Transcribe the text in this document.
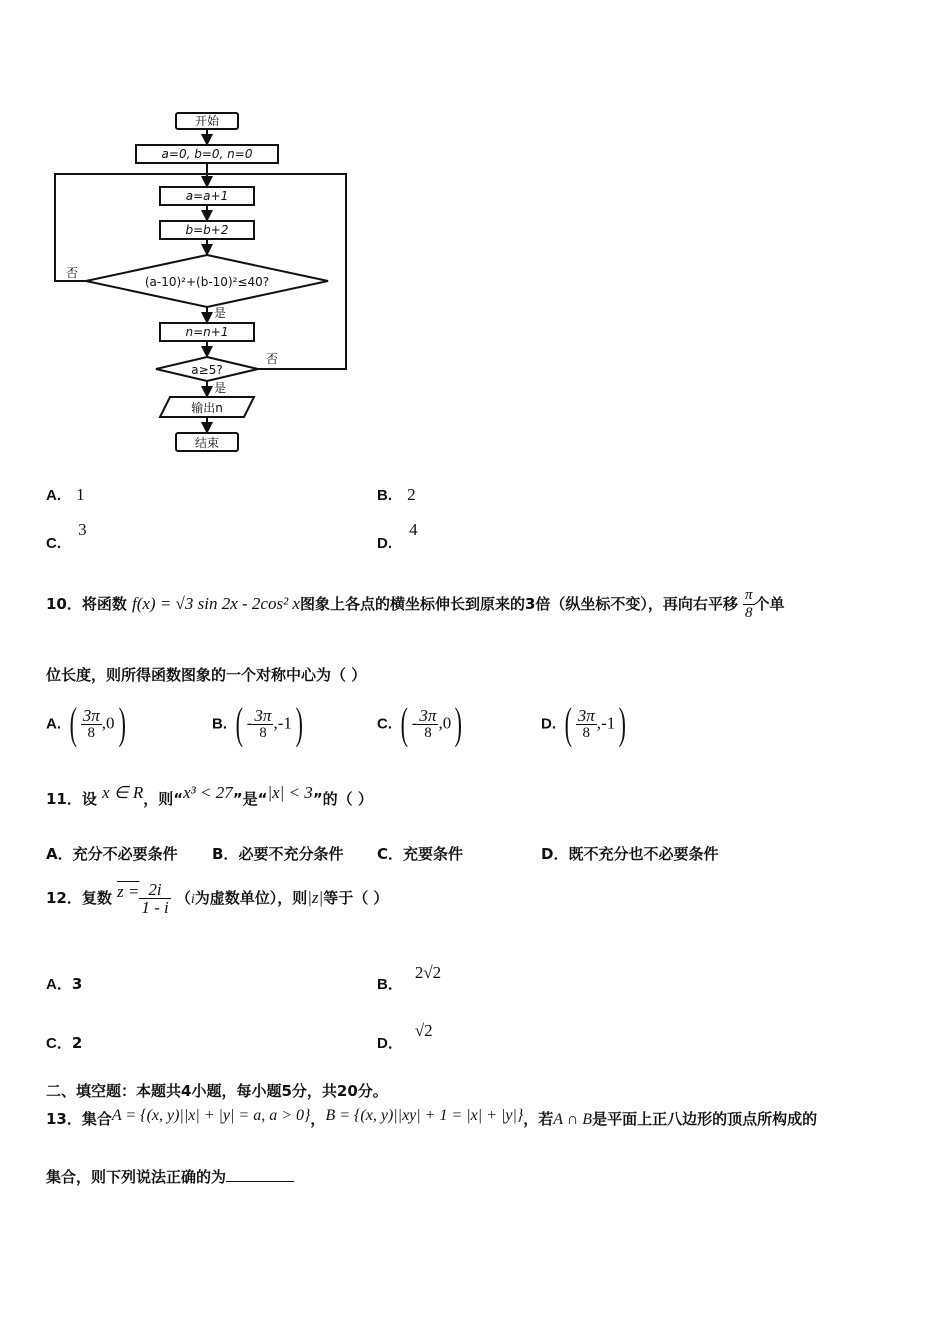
开始
a=0, b=0, n=0
a=a+1
b=b+2
(a-10)²+(b-10)²≤40?
否
是
n=n+1
a≥5?
否
是
输出n
结束
A. 1	B. 2
C. 3
D. 4
10．将函数 f(x) = √3 sin 2x - 2cos² x图象上各点的横坐标伸长到原来的3倍（纵坐标不变），再向右平移 $\frac{\pi}{8}$ 个单
位长度，则所得函数图象的一个对称中心为（ ）
A. ( $\frac{3\pi}{8} ,0$)	B. ( - $\frac{3\pi}{8} ,-1$)	C. ( - $\frac{3\pi}{8} ,0$)	D. ( $\frac{3\pi}{8} ,-1$)
11．设 x ∈ R，则“x³ < 27”是“|x| < 3”的（ ）
A．充分不必要条件 B．必要不充分条件 C．充要条件	D．既不充分也不必要条件
12．复数 $z = \frac{2i}{1 - i} (i$为虚数单位），则|z|等于（ ）
A．3	B．2√2
C．2	D．√2
二、填空题：本题共4小题，每小题5分，共20分。
13．集合A = {(x, y)||x| + |y| = a, a > 0}，B = {(x, y)||xy| + 1 = |x| + |y|}，若A ∩ B是平面上正八边形的顶点所构成的
集合，则下列说法正确的为
